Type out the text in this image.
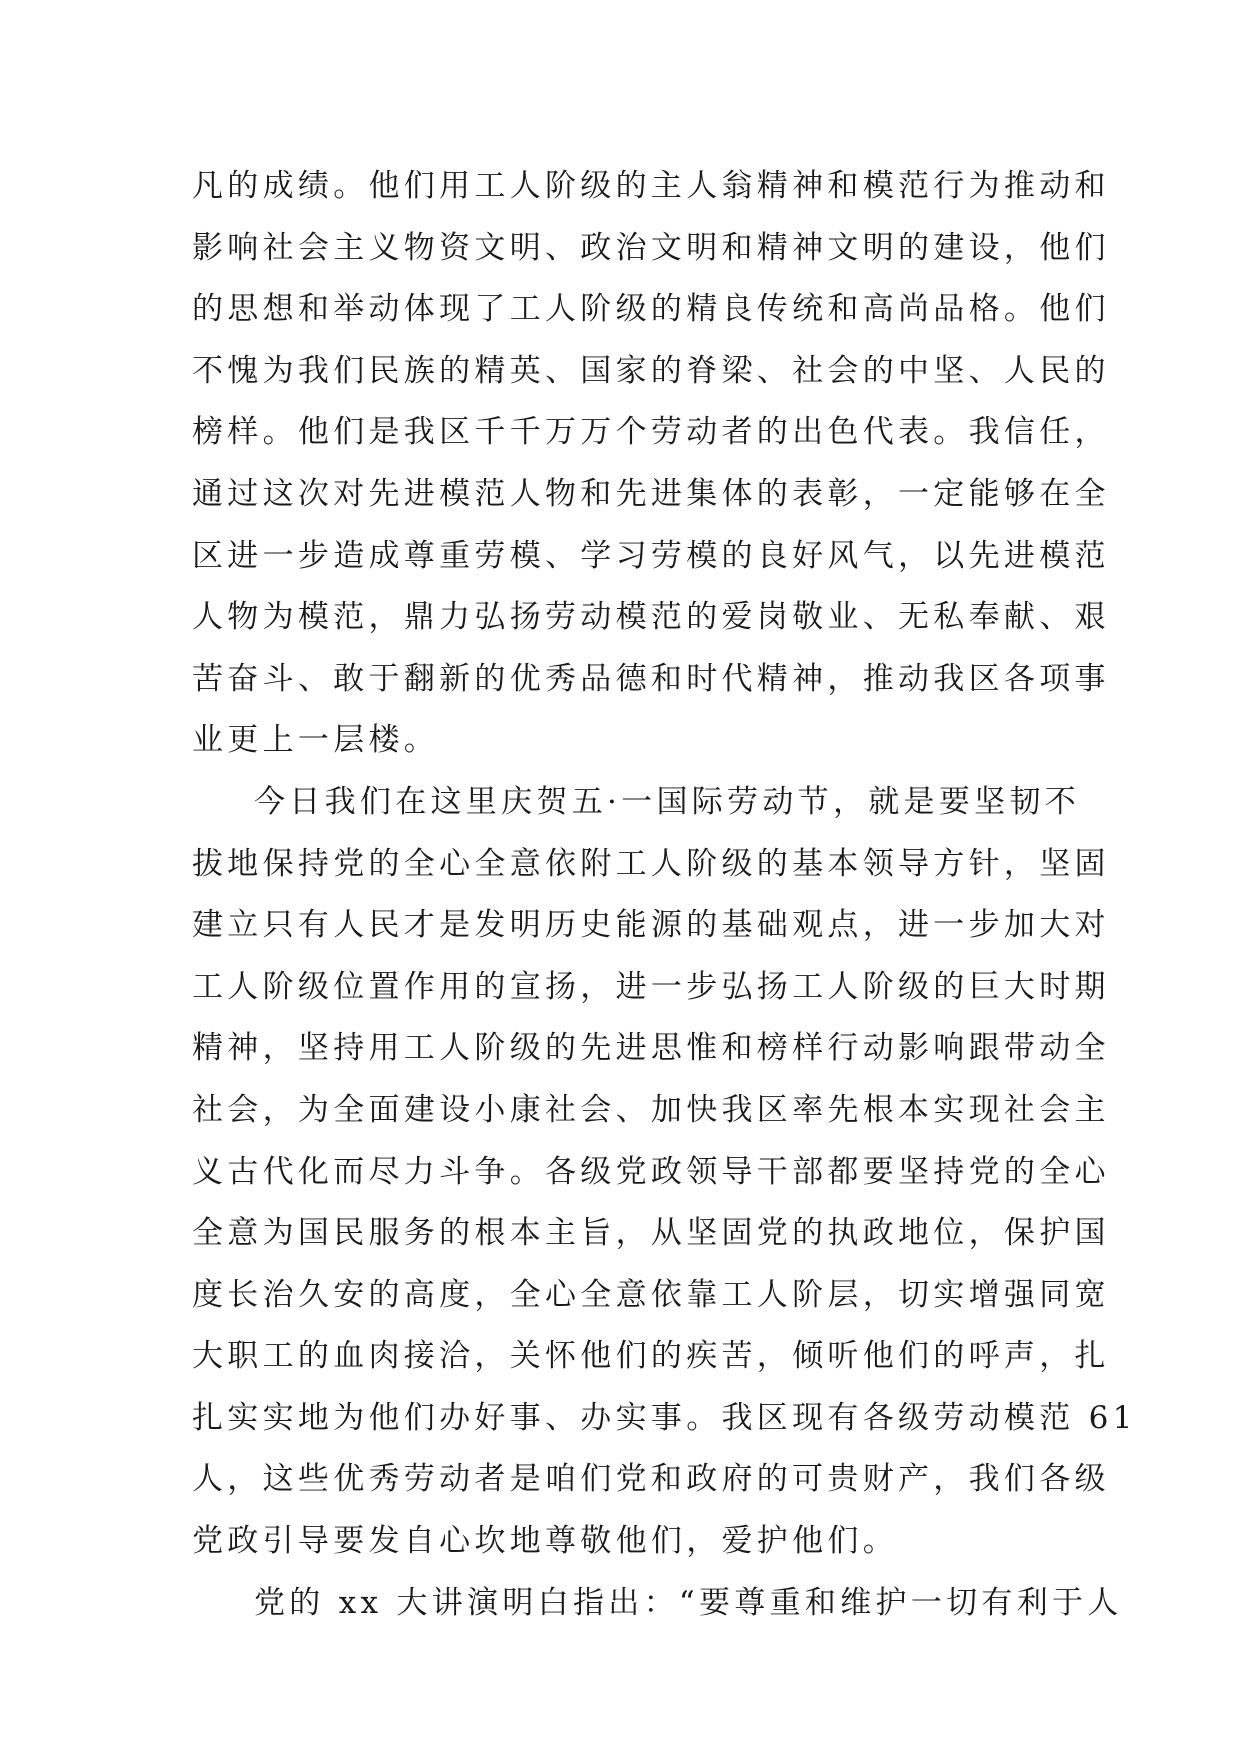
凡的成绩。他们用工人阶级的主人翁精神和模范行为推动和
影响社会主义物资文明、政治文明和精神文明的建设，他们
的思想和举动体现了工人阶级的精良传统和高尚品格。他们
不愧为我们民族的精英、国家的脊梁、社会的中坚、人民的
榜样。他们是我区千千万万个劳动者的出色代表。我信任，
通过这次对先进模范人物和先进集体的表彰，一定能够在全
区进一步造成尊重劳模、学习劳模的良好风气，以先进模范
人物为模范，鼎力弘扬劳动模范的爱岗敬业、无私奉献、艰
苦奋斗、敢于翻新的优秀品德和时代精神，推动我区各项事
业更上一层楼。
今日我们在这里庆贺五·一国际劳动节，就是要坚韧不
拔地保持党的全心全意依附工人阶级的基本领导方针，坚固
建立只有人民才是发明历史能源的基础观点，进一步加大对
工人阶级位置作用的宣扬，进一步弘扬工人阶级的巨大时期
精神，坚持用工人阶级的先进思惟和榜样行动影响跟带动全
社会，为全面建设小康社会、加快我区率先根本实现社会主
义古代化而尽力斗争。各级党政领导干部都要坚持党的全心
全意为国民服务的根本主旨，从坚固党的执政地位，保护国
度长治久安的高度，全心全意依靠工人阶层，切实增强同宽
大职工的血肉接洽，关怀他们的疾苦，倾听他们的呼声，扎
扎实实地为他们办好事、办实事。我区现有各级劳动模范 61
人，这些优秀劳动者是咱们党和政府的可贵财产，我们各级
党政引导要发自心坎地尊敬他们，爱护他们。
党的 xx 大讲演明白指出：“要尊重和维护一切有利于人
